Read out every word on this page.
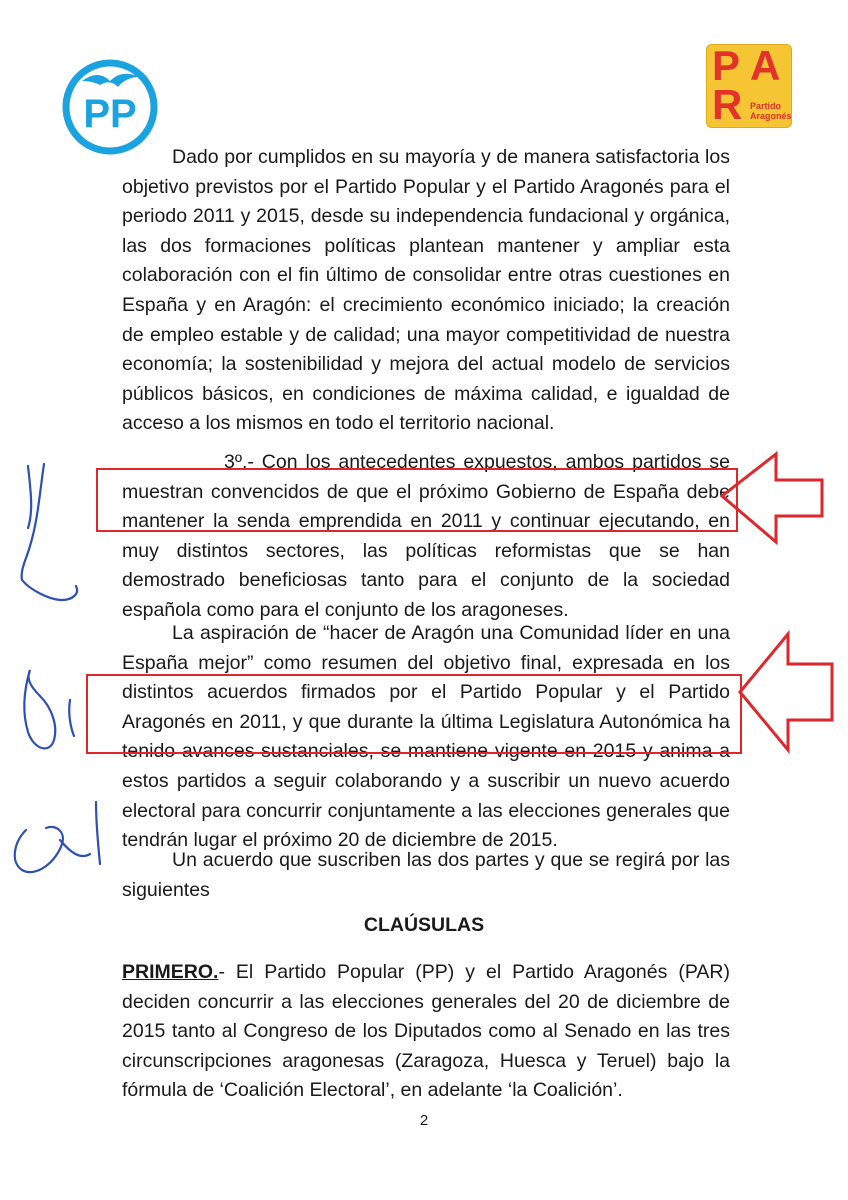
PP
P A
R Partido Aragonés

Dado por cumplidos en su mayoría y de manera satisfactoria los objetivo previstos por el Partido Popular y el Partido Aragonés para el periodo 2011 y 2015, desde su independencia fundacional y orgánica, las dos formaciones políticas plantean mantener y ampliar esta colaboración con el fin último de consolidar entre otras cuestiones en España y en Aragón: el crecimiento económico iniciado; la creación de empleo estable y de calidad; una mayor competitividad de nuestra economía; la sostenibilidad y mejora del actual modelo de servicios públicos básicos, en condiciones de máxima calidad, e igualdad de acceso a los mismos en todo el territorio nacional.

3º.- Con los antecedentes expuestos, ambos partidos se muestran convencidos de que el próximo Gobierno de España debe mantener la senda emprendida en 2011 y continuar ejecutando, en muy distintos sectores, las políticas reformistas que se han demostrado beneficiosas tanto para el conjunto de la sociedad española como para el conjunto de los aragoneses.

La aspiración de “hacer de Aragón una Comunidad líder en una España mejor” como resumen del objetivo final, expresada en los distintos acuerdos firmados por el Partido Popular y el Partido Aragonés en 2011, y que durante la última Legislatura Autonómica ha tenido avances sustanciales, se mantiene vigente en 2015 y anima a estos partidos a seguir colaborando y a suscribir un nuevo acuerdo electoral para concurrir conjuntamente a las elecciones generales que tendrán lugar el próximo 20 de diciembre de 2015.

Un acuerdo que suscriben las dos partes y que se regirá por las siguientes

CLAÚSULAS

PRIMERO.- El Partido Popular (PP) y el Partido Aragonés (PAR) deciden concurrir a las elecciones generales del 20 de diciembre de 2015 tanto al Congreso de los Diputados como al Senado en las tres circunscripciones aragonesas (Zaragoza, Huesca y Teruel) bajo la fórmula de ‘Coalición Electoral’, en adelante ‘la Coalición’.

2
